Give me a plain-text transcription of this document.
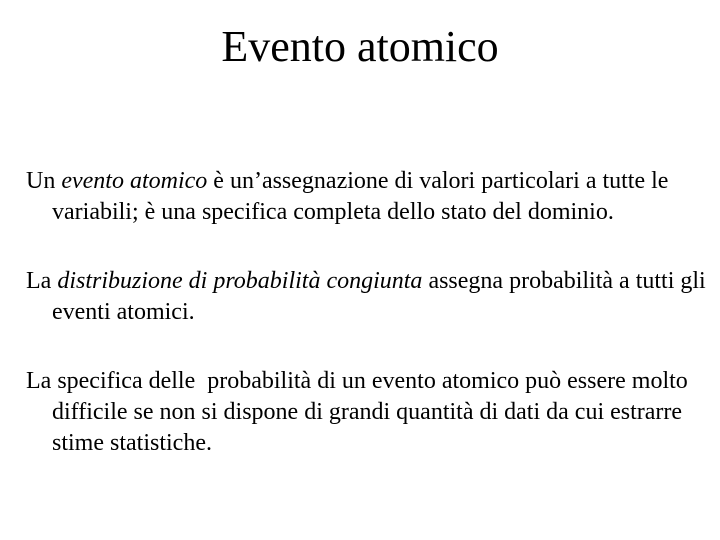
Evento atomico

Un evento atomico è un’assegnazione di valori particolari a tutte le variabili; è una specifica completa dello stato del dominio.

La distribuzione di probabilità congiunta assegna probabilità a tutti gli eventi atomici.

La specifica delle  probabilità di un evento atomico può essere molto difficile se non si dispone di grandi quantità di dati da cui estrarre stime statistiche.
